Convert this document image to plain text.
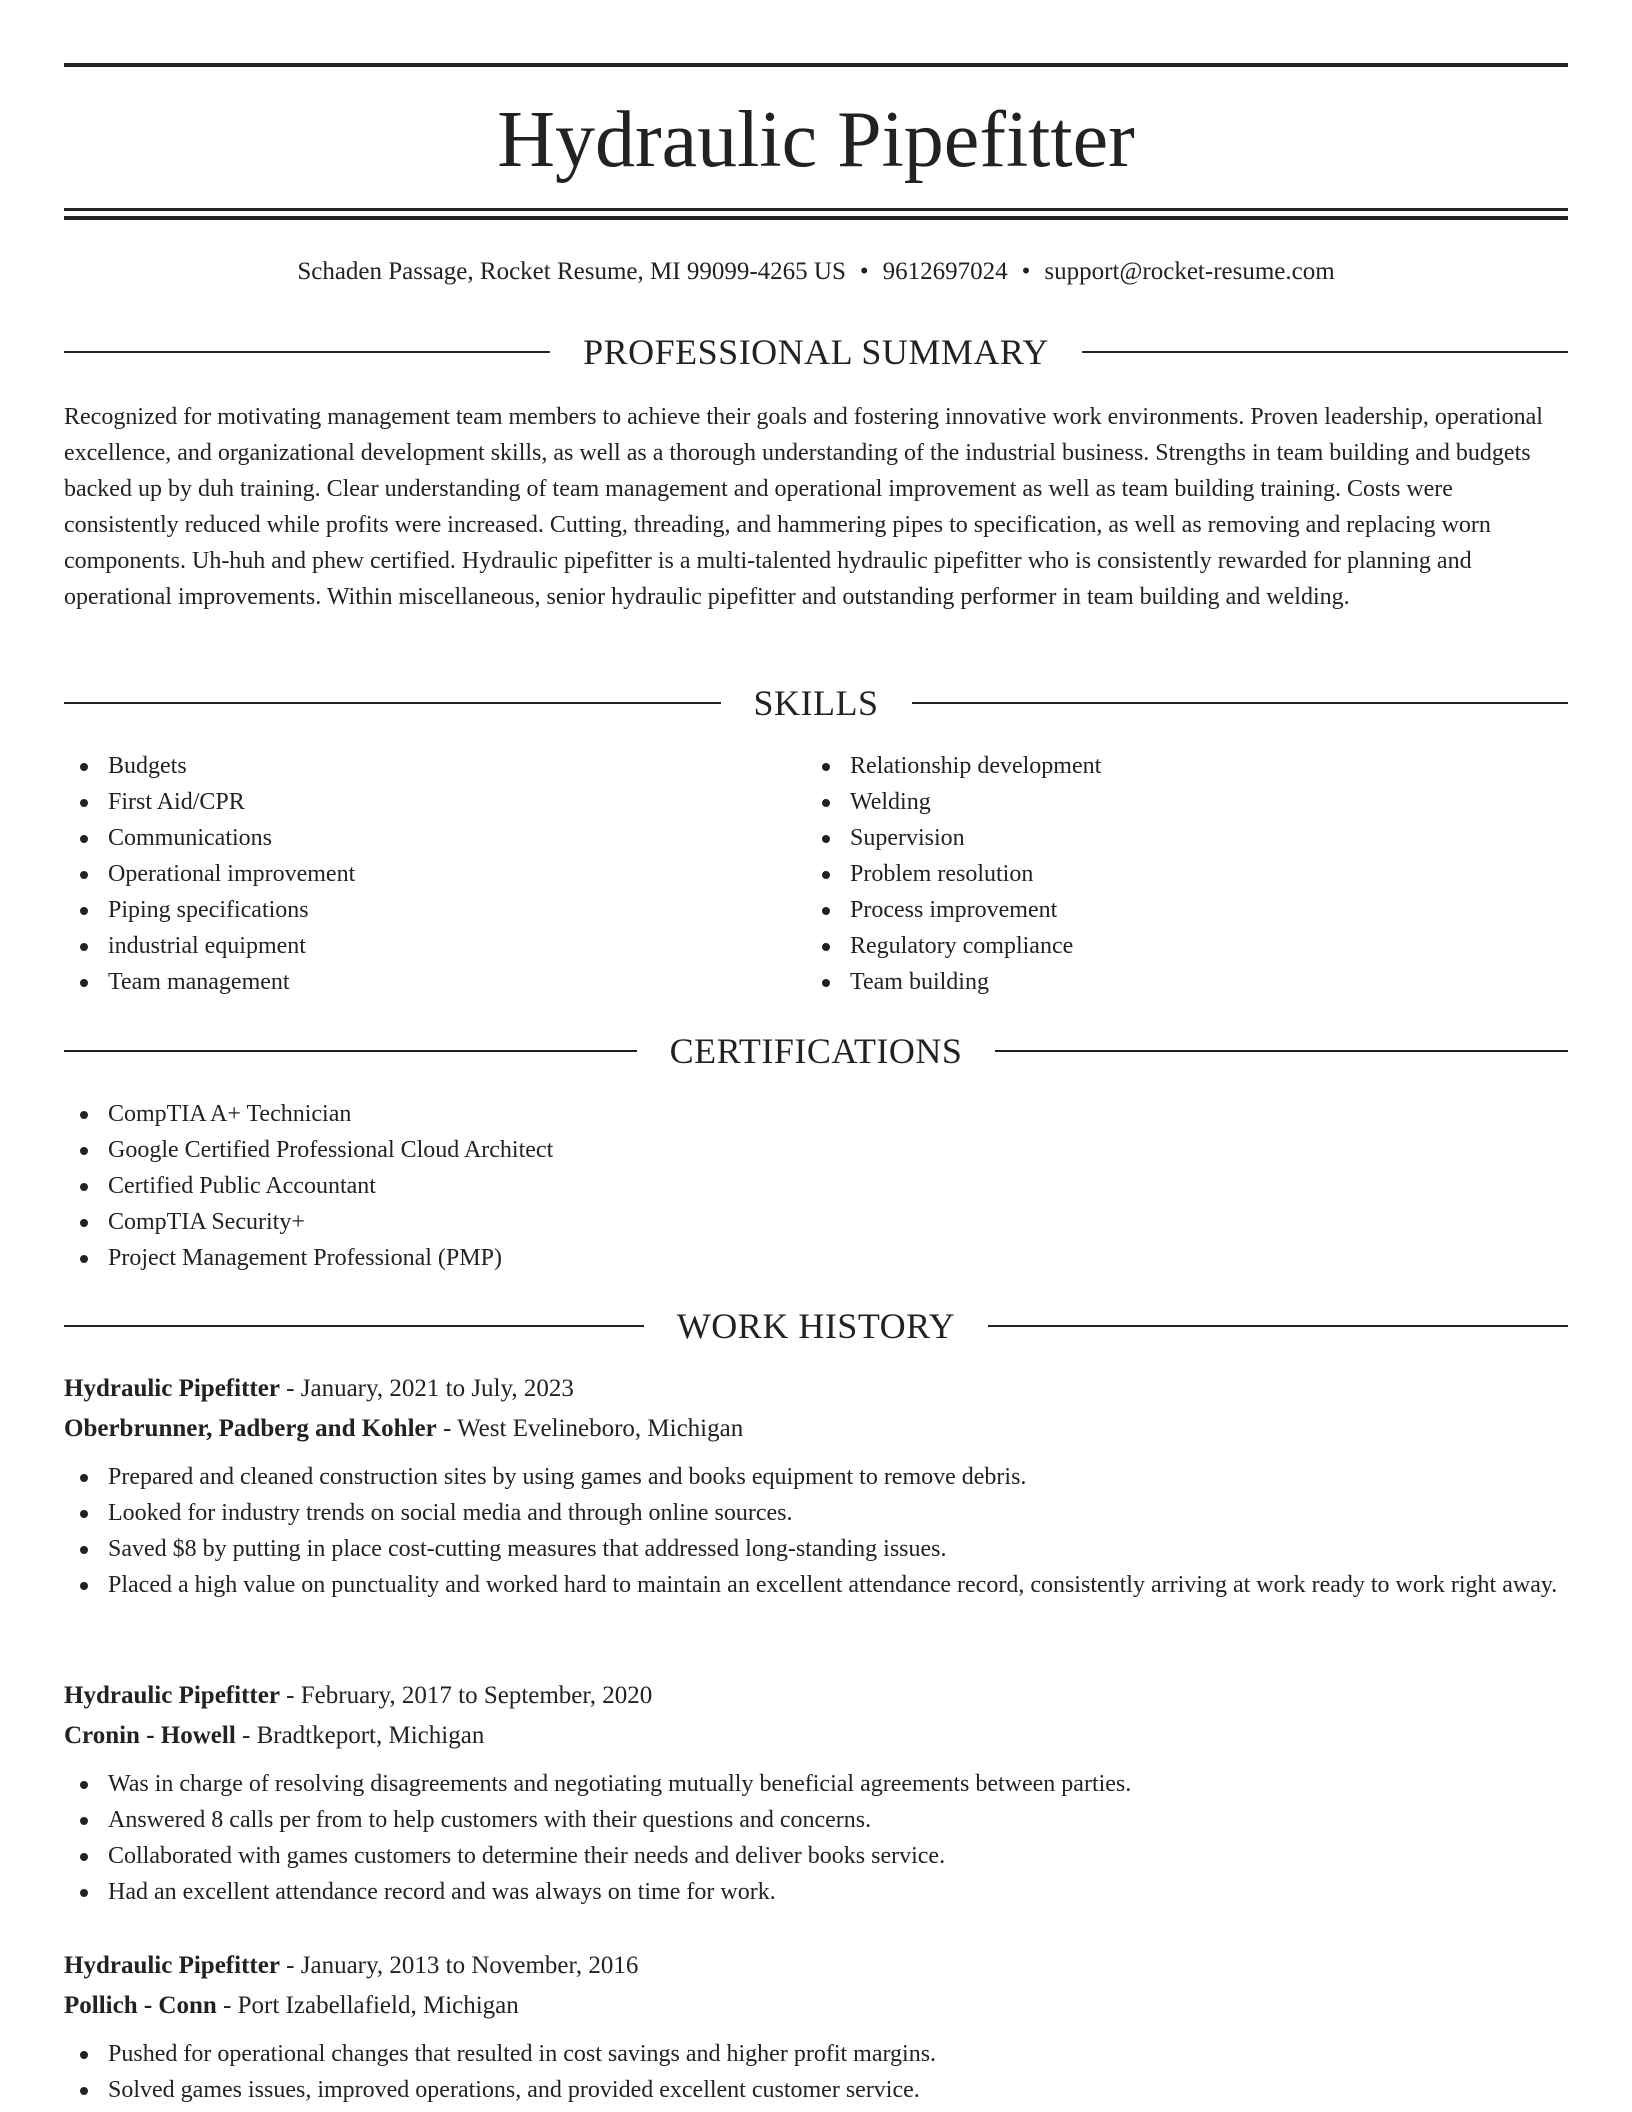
Hydraulic Pipefitter
Schaden Passage, Rocket Resume, MI 99099-4265 US • 9612697024 • support@rocket-resume.com
PROFESSIONAL SUMMARY

Recognized for motivating management team members to achieve their goals and fostering innovative work environments. Proven leadership, operational excellence, and organizational development skills, as well as a thorough understanding of the industrial business. Strengths in team building and budgets backed up by duh training. Clear understanding of team management and operational improvement as well as team building training. Costs were consistently reduced while profits were increased. Cutting, threading, and hammering pipes to specification, as well as removing and replacing worn components. Uh-huh and phew certified. Hydraulic pipefitter is a multi-talented hydraulic pipefitter who is consistently rewarded for planning and operational improvements. Within miscellaneous, senior hydraulic pipefitter and outstanding performer in team building and welding.

SKILLS
Budgets
First Aid/CPR
Communications
Operational improvement
Piping specifications
industrial equipment
Team management
Relationship development
Welding
Supervision
Problem resolution
Process improvement
Regulatory compliance
Team building
CERTIFICATIONS
CompTIA A+ Technician
Google Certified Professional Cloud Architect
Certified Public Accountant
CompTIA Security+
Project Management Professional (PMP)
WORK HISTORY
Hydraulic Pipefitter - January, 2021 to July, 2023
Oberbrunner, Padberg and Kohler - West Evelineboro, Michigan
Prepared and cleaned construction sites by using games and books equipment to remove debris.
Looked for industry trends on social media and through online sources.
Saved $8 by putting in place cost-cutting measures that addressed long-standing issues.
Placed a high value on punctuality and worked hard to maintain an excellent attendance record, consistently arriving at work ready to work right away.
Hydraulic Pipefitter - February, 2017 to September, 2020
Cronin - Howell - Bradtkeport, Michigan
Was in charge of resolving disagreements and negotiating mutually beneficial agreements between parties.
Answered 8 calls per from to help customers with their questions and concerns.
Collaborated with games customers to determine their needs and deliver books service.
Had an excellent attendance record and was always on time for work.
Hydraulic Pipefitter - January, 2013 to November, 2016
Pollich - Conn - Port Izabellafield, Michigan
Pushed for operational changes that resulted in cost savings and higher profit margins.
Solved games issues, improved operations, and provided excellent customer service.
